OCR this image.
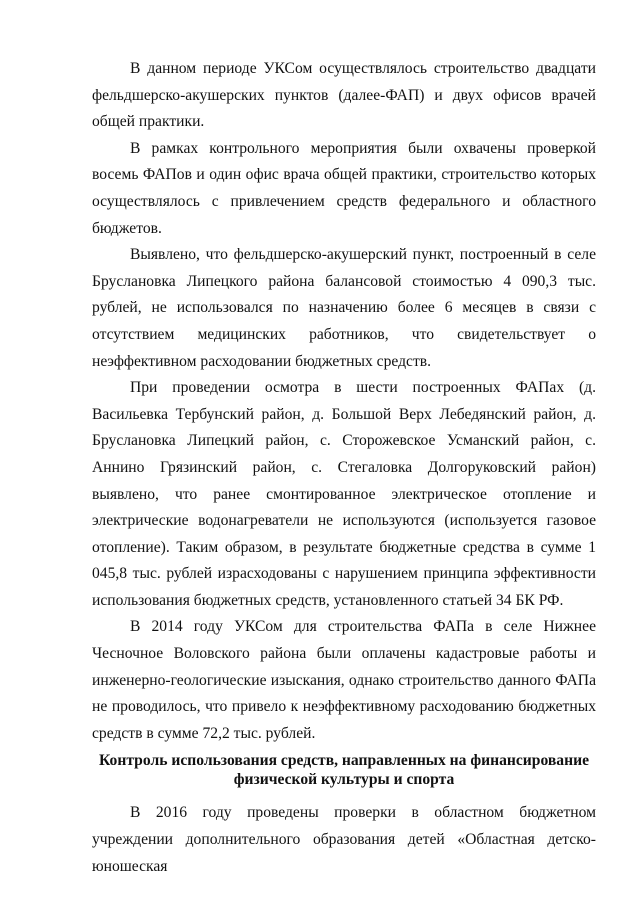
В данном периоде УКСом осуществлялось строительство двадцати фельдшерско-акушерских пунктов (далее-ФАП) и двух офисов врачей общей практики.

В рамках контрольного мероприятия были охвачены проверкой восемь ФАПов и один офис врача общей практики, строительство которых осуществлялось с привлечением средств федерального и областного бюджетов.

Выявлено, что фельдшерско-акушерский пункт, построенный в селе Бруслановка Липецкого района балансовой стоимостью 4 090,3 тыс. рублей, не использовался по назначению более 6 месяцев в связи с отсутствием медицинских работников, что свидетельствует о неэффективном расходовании бюджетных средств.

При проведении осмотра в шести построенных ФАПах (д. Васильевка Тербунский район, д. Большой Верх Лебедянский район, д. Бруслановка Липецкий район, с. Сторожевское Усманский район, с. Аннино Грязинский район, с. Стегаловка Долгоруковский район) выявлено, что ранее смонтированное электрическое отопление и электрические водонагреватели не используются (используется газовое отопление). Таким образом, в результате бюджетные средства в сумме 1 045,8 тыс. рублей израсходованы с нарушением принципа эффективности использования бюджетных средств, установленного статьей 34 БК РФ.

В 2014 году УКСом для строительства ФАПа в селе Нижнее Чесночное Воловского района были оплачены кадастровые работы и инженерно-геологические изыскания, однако строительство данного ФАПа не проводилось, что привело к неэффективному расходованию бюджетных средств в сумме 72,2 тыс. рублей.

Контроль использования средств, направленных на финансирование
физической культуры и спорта

В 2016 году проведены проверки в областном бюджетном учреждении дополнительного образования детей «Областная детско-юношеская
